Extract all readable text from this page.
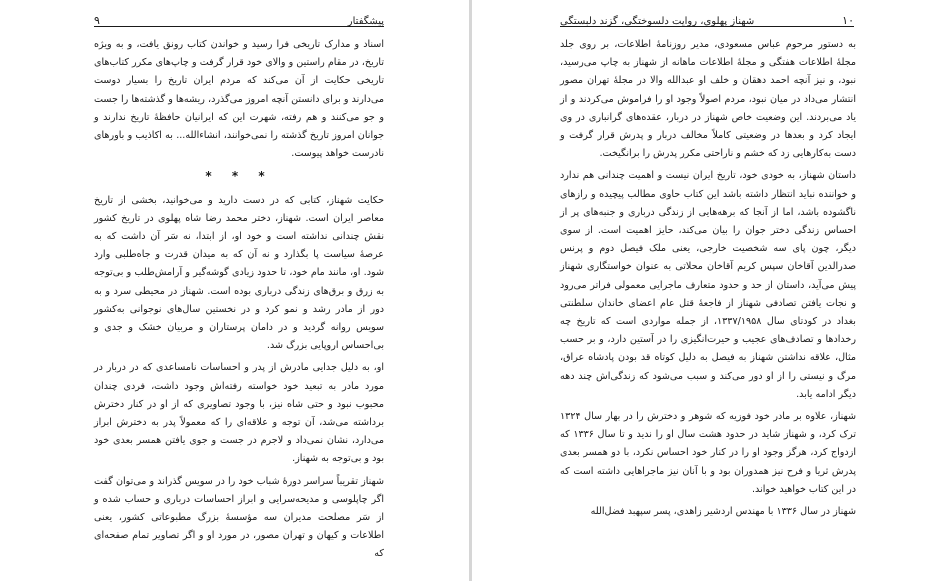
پیشگفتار
۹

اسناد و مدارک تاریخی فرا رسید و خواندن کتاب رونق یافت، و به ویژه تاریخ، در مقام راستین و والای خود قرار گرفت و چاپ‌های مکرر کتاب‌های تاریخی حکایت از آن می‌کند که مردم ایران تاریخ را بسیار دوست می‌دارند و برای دانستن آنچه امروز می‌گذرد، ریشه‌ها و گذشته‌ها را جست و جو می‌کنند و هم رفته، شهرت این که ایرانیان حافظهٔ تاریخ ندارند و جوانان امروز تاریخ گذشته را نمی‌خوانند، انشاءالله... به اکاذیب و باورهای نادرست خواهد پیوست.

* * *

حکایت شهناز، کتابی که در دست دارید و می‌خوانید، بخشی از تاریخ معاصر ایران است. شهناز، دختر محمد رضا شاه پهلوی در تاریخ کشور نقش چندانی نداشته است و خود او، از ابتدا، نه سَر آن داشت که به عرصهٔ سیاست پا بگذارد و نه آن که به میدان قدرت و جاه‌طلبی وارد شود. او، مانند مام خود، تا حدود زیادی گوشه‌گیر و آرامش‌طلب و بی‌توجه به زرق و برق‌های زندگی درباری بوده است. شهناز در محیطی سرد و به دور از مادر رشد و نمو کرد و در نخستین سال‌های نوجوانی به‌کشور سویس روانه گردید و در دامان پرستاران و مربیان خشک و جدی و بی‌احساس اروپایی بزرگ شد.

او، به دلیل جدایی مادرش از پدر و احساسات نامساعدی که در دربار در مورد مادر به تبعید خود خواسته رفته‌اش وجود داشت، فردی چندان محبوب نبود و حتی شاه نیز، با وجود تصاویری که از او در کنار دخترش برداشته می‌شد، آن توجه و علاقه‌ای را که معمولاً پدر به دخترش ابراز می‌دارد، نشان نمی‌داد و لاجرم در جست و جوی یافتن همسر بعدی خود بود و بی‌توجه به شهناز.

شهناز تقریباً سراسر دورهٔ شباب خود را در سویس گذراند و می‌توان گفت اگر چاپلوسی و مدیحه‌سرایی و ابراز احساسات درباری و حساب شده و از سَر مصلحت مدیران سه مؤسسهٔ بزرگ مطبوعاتی کشور، یعنی اطلاعات و کیهان و تهران مصور، در مورد او و اگر تصاویر تمام صفحه‌ای که

۱۰
شهناز پهلوی، روایت دلسوختگی، گزند دلبستگی

به دستور مرحوم عباس مسعودی، مدیر روزنامهٔ اطلاعات، بر روی جلد مجلهٔ اطلاعات هفتگی و مجلهٔ اطلاعات ماهانه از شهناز به چاپ می‌رسید، نبود، و نیز آنچه احمد دهقان و خلف او عبدالله والا در مجلهٔ تهران مصور انتشار می‌داد در میان نبود، مردم اصولاً وجود او را فراموش می‌کردند و از یاد می‌بردند. این وضعیت خاص شهناز در دربار، عقده‌های گرانباری در وی ایجاد کرد و بعدها در وضعیتی کاملاً مخالف دربار و پدرش قرار گرفت و دست به‌کارهایی زد که خشم و ناراحتی مکرر پدرش را برانگیخت.

داستان شهناز، به خودی خود، تاریخ ایران نیست و اهمیت چندانی هم ندارد و خواننده نباید انتظار داشته باشد این کتاب حاوی مطالب پیچیده و رازهای ناگشوده باشد، اما از آنجا که برهه‌هایی از زندگی درباری و جنبه‌های پر از احساس زندگی دختر جوان را بیان می‌کند، حایز اهمیت است. از سوی دیگر، چون پای سه شخصیت خارجی، یعنی ملک فیصل دوم و پرنس صدرالدین آقاخان سپس کریم آقاخان محلاتی به عنوان خواستگاری شهناز پیش می‌آید، داستان از حد و حدود متعارف ماجرایی معمولی فراتر می‌رود و نجات یافتن تصادفی شهناز از فاجعهٔ قتل عام اعضای خاندان سلطنتی بغداد در کودتای سال ۱۳۳۷/۱۹۵۸، از جمله مواردی است که تاریخ چه رخدادها و تصادف‌های عجیب و حیرت‌انگیزی را در آستین دارد، و بر حسب مثال، علاقه نداشتن شهناز به فیصل به دلیل کوتاه قد بودن پادشاه عراق، مرگ و نیستی را از او دور می‌کند و سبب می‌شود که زندگی‌اش چند دهه دیگر ادامه یابد.

شهناز، علاوه بر مادر خود فوزیه که شوهر و دخترش را در بهار سال ۱۳۲۴ ترک کرد، و شهناز شاید در حدود هشت سال او را ندید و تا سال ۱۳۳۶ که ازدواج کرد، هرگز وجود او را در کنار خود احساس نکرد، با دو همسر بعدی پدرش ثریا و فرح نیز همدوران بود و با آنان نیز ماجراهایی داشته است که در این کتاب خواهید خواند.

شهناز در سال ۱۳۳۶ با مهندس اردشیر زاهدی، پسر سپهبد فضل‌الله
